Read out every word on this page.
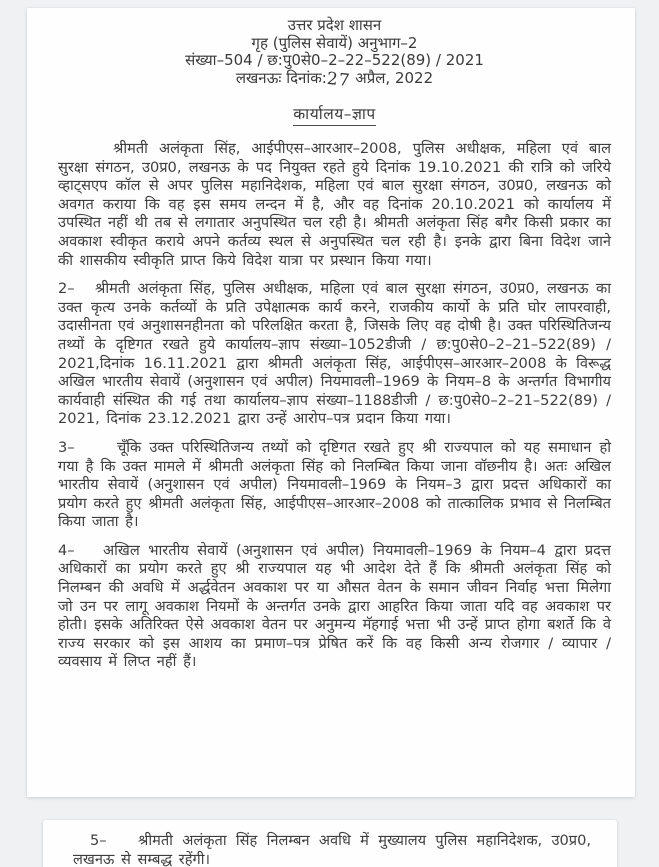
उत्तर प्रदेश शासन
गृह (पुलिस सेवायें) अनुभाग–2
संख्या–504 / छ:पु0से0–2–22–522(89) / 2021
लखनऊः दिनांक:27 अप्रैल, 2022
कार्यालय–ज्ञाप

श्रीमती अलंकृता सिंह, आईपीएस–आरआर–2008, पुलिस अधीक्षक, महिला एवं बाल सुरक्षा संगठन, उ0प्र0, लखनऊ के पद नियुक्त रहते हुये दिनांक 19.10.2021 की रात्रि को जरिये व्हाट्सएप कॉल से अपर पुलिस महानिदेशक, महिला एवं बाल सुरक्षा संगठन, उ0प्र0, लखनऊ को अवगत कराया कि वह इस समय लन्दन में है, और वह दिनांक 20.10.2021 को कार्यालय में उपस्थित नहीं थी तब से लगातार अनुपस्थित चल रही है। श्रीमती अलंकृता सिंह बगैर किसी प्रकार का अवकाश स्वीकृत कराये अपने कर्तव्य स्थल से अनुपस्थित चल रही है। इनके द्वारा बिना विदेश जाने की शासकीय स्वीकृति प्राप्त किये विदेश यात्रा पर प्रस्थान किया गया।

2– श्रीमती अलंकृता सिंह, पुलिस अधीक्षक, महिला एवं बाल सुरक्षा संगठन, उ0प्र0, लखनऊ का उक्त कृत्य उनके कर्तव्यों के प्रति उपेक्षात्मक कार्य करने, राजकीय कार्यो के प्रति घोर लापरवाही, उदासीनता एवं अनुशासनहीनता को परिलक्षित करता है, जिसके लिए वह दोषी है। उक्त परिस्थितिजन्य तथ्यों के दृष्टिगत रखते हुये कार्यालय–ज्ञाप संख्या–1052डीजी / छ:पु0से0–2–21–522(89) / 2021,दिनांक 16.11.2021 द्वारा श्रीमती अलंकृता सिंह, आईपीएस–आरआर–2008 के विरूद्ध अखिल भारतीय सेवायें (अनुशासन एवं अपील) नियमावली–1969 के नियम–8 के अन्तर्गत विभागीय कार्यवाही संस्थित की गई तथा कार्यालय–ज्ञाप संख्या–1188डीजी / छ:पु0से0–2–21–522(89) / 2021, दिनांक 23.12.2021 द्वारा उन्हें आरोप–पत्र प्रदान किया गया।

3–	चूँकि उक्त परिस्थितिजन्य तथ्यों को दृष्टिगत रखते हुए श्री राज्यपाल को यह समाधान हो गया है कि उक्त मामले में श्रीमती अलंकृता सिंह को निलम्बित किया जाना वॉछनीय है। अतः अखिल भारतीय सेवायें (अनुशासन एवं अपील) नियमावली–1969 के नियम–3 द्वारा प्रदत्त अधिकारों का प्रयोग करते हुए श्रीमती अलंकृता सिंह, आईपीएस–आरआर–2008 को तात्कालिक प्रभाव से निलम्बित किया जाता है।

4– अखिल भारतीय सेवायें (अनुशासन एवं अपील) नियमावली–1969 के नियम–4 द्वारा प्रदत्त अधिकारों का प्रयोग करते हुए श्री राज्यपाल यह भी आदेश देते हैं कि श्रीमती अलंकृता सिंह को निलम्बन की अवधि में अर्द्धवेतन अवकाश पर या औसत वेतन के समान जीवन निर्वाह भत्ता मिलेगा जो उन पर लागू अवकाश नियमों के अन्तर्गत उनके द्वारा आहरित किया जाता यदि वह अवकाश पर होती। इसके अतिरिक्त ऐसे अवकाश वेतन पर अनुमन्य मॅहगाई भत्ता भी उन्हें प्राप्त होगा बशर्ते कि वे राज्य सरकार को इस आशय का प्रमाण–पत्र प्रेषित करें कि वह किसी अन्य रोजगार / व्यापार / व्यवसाय में लिप्त नहीं हैं।

5– श्रीमती अलंकृता सिंह निलम्बन अवधि में मुख्यालय पुलिस महानिदेशक, उ0प्र0, लखनऊ से सम्बद्ध रहेंगी।
